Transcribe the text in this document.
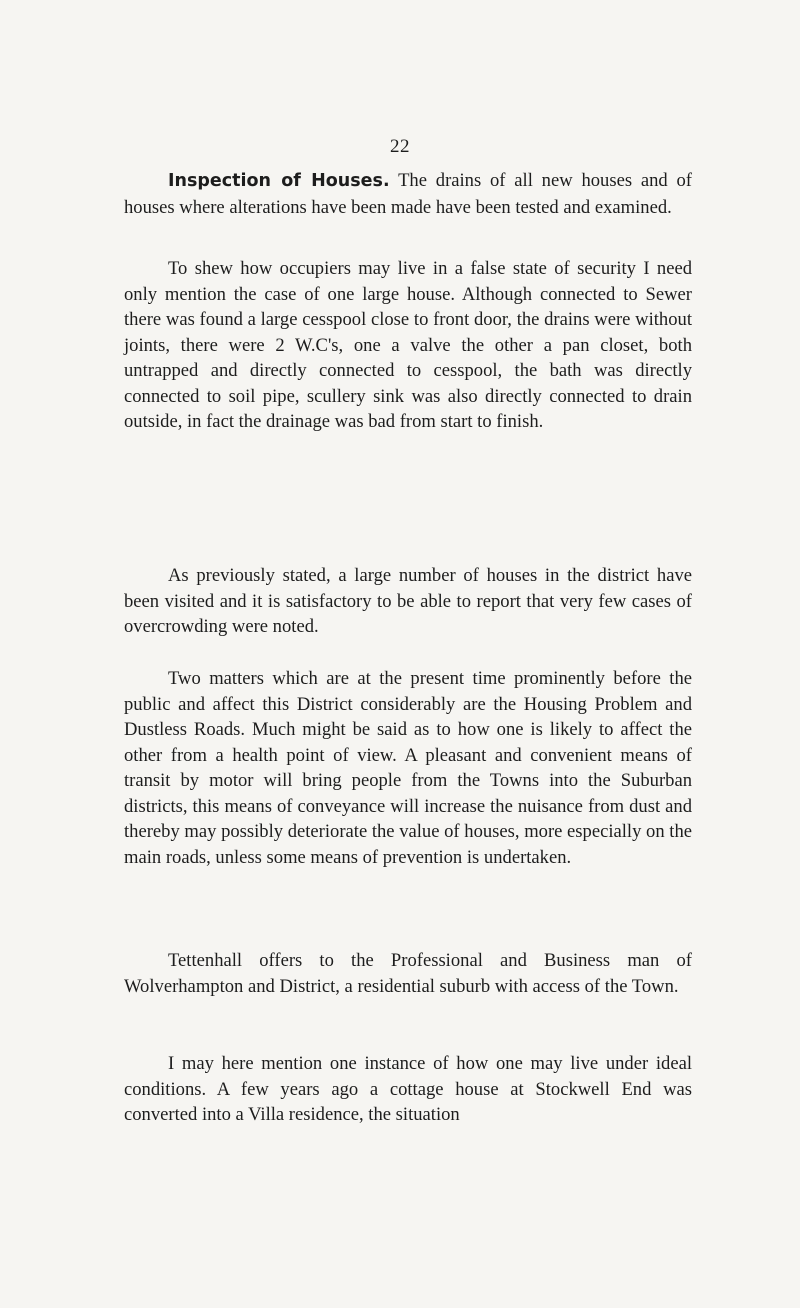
22

Inspection of Houses. The drains of all new houses and of houses where alterations have been made have been tested and examined.

To shew how occupiers may live in a false state of security I need only mention the case of one large house. Although connected to Sewer there was found a large cesspool close to front door, the drains were without joints, there were 2 W.C's, one a valve the other a pan closet, both untrapped and directly connected to cesspool, the bath was directly connected to soil pipe, scullery sink was also directly connected to drain outside, in fact the drainage was bad from start to finish.

As previously stated, a large number of houses in the district have been visited and it is satisfactory to be able to report that very few cases of overcrowding were noted.

Two matters which are at the present time prominently before the public and affect this District considerably are the Housing Problem and Dustless Roads. Much might be said as to how one is likely to affect the other from a health point of view. A pleasant and convenient means of transit by motor will bring people from the Towns into the Suburban districts, this means of conveyance will increase the nuisance from dust and thereby may possibly deteriorate the value of houses, more especially on the main roads, unless some means of prevention is undertaken.

Tettenhall offers to the Professional and Business man of Wolverhampton and District, a residential suburb with access of the Town.

I may here mention one instance of how one may live under ideal conditions. A few years ago a cottage house at Stockwell End was converted into a Villa residence, the situation
